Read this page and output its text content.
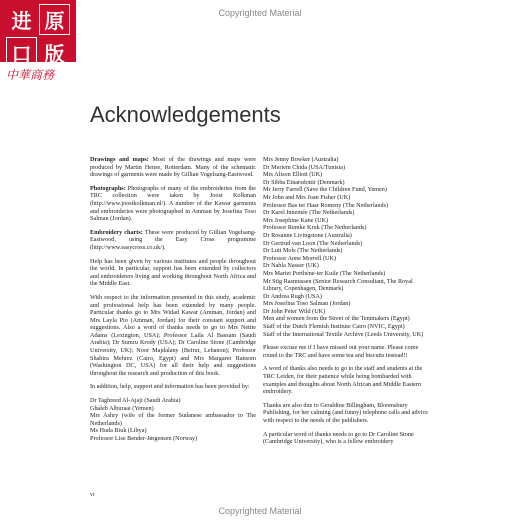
Copyrighted Material
进 原
口 版
中華商務
Acknowledgements

Drawings and maps: Most of the drawings and maps were produced by Martin Hense, Rotterdam. Many of the schematic drawings of garments were made by Gillian Vogelsang-Eastwood.

Photographs: Photographs of many of the embroideries from the TRC collection were taken by Joost Kolkman (http://www.joostkolkman.nl/). A number of the Kawar garments and embroideries were photographed in Amman by Josefina Toso Salman (Jordan).

Embroidery charts: These were produced by Gillian Vogelsang-Eastwood, using the Easy Cross programme (http://www.easycross.co.uk/).

Help has been given by various institutes and people throughout the world. In particular, support has been extended by collectors and embroiderers living and working throughout North Africa and the Middle East.

With respect to the information presented in this study, academic and professional help has been extended by many people. Particular thanks go to Mrs Widad Kawar (Amman, Jordan) and Mrs Layla Pio (Amman, Jordan) for their constant support and suggestions. Also a word of thanks needs to go to Mrs Nettie Adams (Lexington, USA); Professor Laila Al Bassam (Saudi Arabia); Dr Sumru Krody (USA); Dr Caroline Stone (Cambridge University, UK); Noor Majdalany (Beirut, Lebanon); Professor Shahira Mehrez (Cairo, Egypt) and Mrs Margaret Ransom (Washington DC, USA) for all their help and suggestions throughout the research and production of this book.

In addition, help, support and information has been provided by:

Dr Taghreed Al-Ajaji (Saudi Arabia)
Ghaleb Alburaai (Yemen)
Mrs Ashry (wife of the former Sudanese ambassador to The Netherlands)
Ms Huda Biuk (Libya)
Professor Lise Bender-Jørgensen (Norway)
Mrs Jenny Bowker (Australia)
Dr Meriem Chida (USA/Tunisia)
Mrs Alison Elliott (UK)
Dr Sibba Einarsdottir (Denmark)
Mr Jerry Farrell (Save the Children Fund, Yemen)
Mr John and Mrs Joan Fisher (UK)
Professor Bas ter Haar Romeny (The Netherlands)
Dr Karel Innemée (The Netherlands)
Mrs Josephine Kane (UK)
Professor Remke Kruk (The Netherlands)
Dr Rosanne Livingstone (Australia)
Dr Gertrud van Loon (The Netherlands)
Dr Luit Mols (The Netherlands)
Professor Anne Morrell (UK)
Dr Nahla Nasser (UK)
Mrs Mariet Porthéne-ter Kuile (The Netherlands)
Mr Stig Rasmussen (Senior Research Consultant, The Royal Library, Copenhagen, Denmark)
Dr Andrea Rugh (USA)
Mrs Josefina Toso Salman (Jordan)
Dr John Peter Wild (UK)
Men and women from the Street of the Tentmakers (Egypt)
Staff of the Dutch Flemish Institute Cairo (NVIC, Egypt)
Staff of the International Textile Archive (Leeds University, UK)

Please excuse me if I have missed out your name. Please come round to the TRC and have some tea and biscuits instead!!

A word of thanks also needs to go to the staff and students at the TRC Leiden, for their patience while being bombarded with examples and thoughts about North African and Middle Eastern embroidery.

Thanks are also due to Geraldine Billingham, Bloomsbury Publishing, for her calming (and funny) telephone calls and advice with respect to the needs of the publishers.

A particular word of thanks needs to go to Dr Caroline Stone (Cambridge University), who is a fellow embroidery

vi
Copyrighted Material
